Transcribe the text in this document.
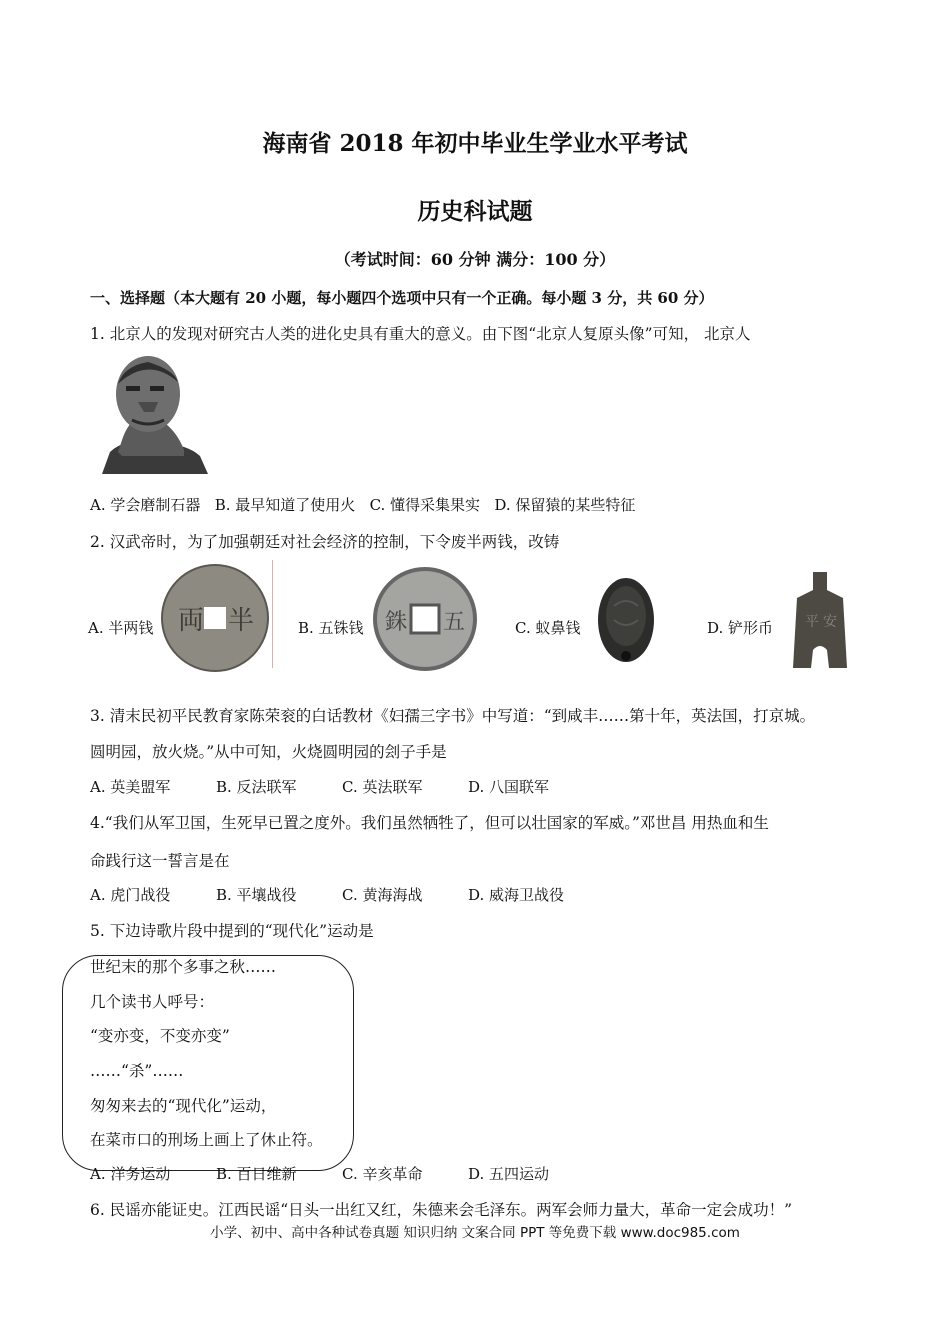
海南省 2018 年初中毕业生学业水平考试
历史科试题
（考试时间：60 分钟 满分：100 分）
一、选择题（本大题有 20 小题，每小题四个选项中只有一个正确。每小题 3 分，共 60 分）
1. 北京人的发现对研究古人类的进化史具有重大的意义。由下图“北京人复原头像”可知， 北京人
A. 学会磨制石器 B. 最早知道了使用火 C. 懂得采集果实 D. 保留猿的某些特征
2. 汉武帝时，为了加强朝廷对社会经济的控制，下令废半两钱，改铸
A. 半两钱 両 半	B. 五铢钱 銖 五	C. 蚁鼻钱	D. 铲形币 平 安
3. 清末民初平民教育家陈荣衮的白话教材《妇孺三字书》中写道：“到咸丰……第十年，英法国，打京城。
圆明园，放火烧。”从中可知，火烧圆明园的刽子手是
A. 英美盟军	B. 反法联军	C. 英法联军	D. 八国联军
4.“我们从军卫国，生死早已置之度外。我们虽然牺牲了，但可以壮国家的军威。”邓世昌 用热血和生
命践行这一誓言是在
A. 虎门战役	B. 平壤战役	C. 黄海海战	D. 威海卫战役
5. 下边诗歌片段中提到的“现代化”运动是
世纪末的那个多事之秋……
几个读书人呼号：
“变亦变，不变亦变”
……“杀”……
匆匆来去的“现代化”运动，
在菜市口的刑场上画上了休止符。
A. 洋务运动	B. 百日维新	C. 辛亥革命	D. 五四运动
6. 民谣亦能证史。江西民谣“日头一出红又红，朱德来会毛泽东。两军会师力量大，革命一定会成功！”
小学、初中、高中各种试卷真题 知识归纳 文案合同 PPT 等免费下载 www.doc985.com
